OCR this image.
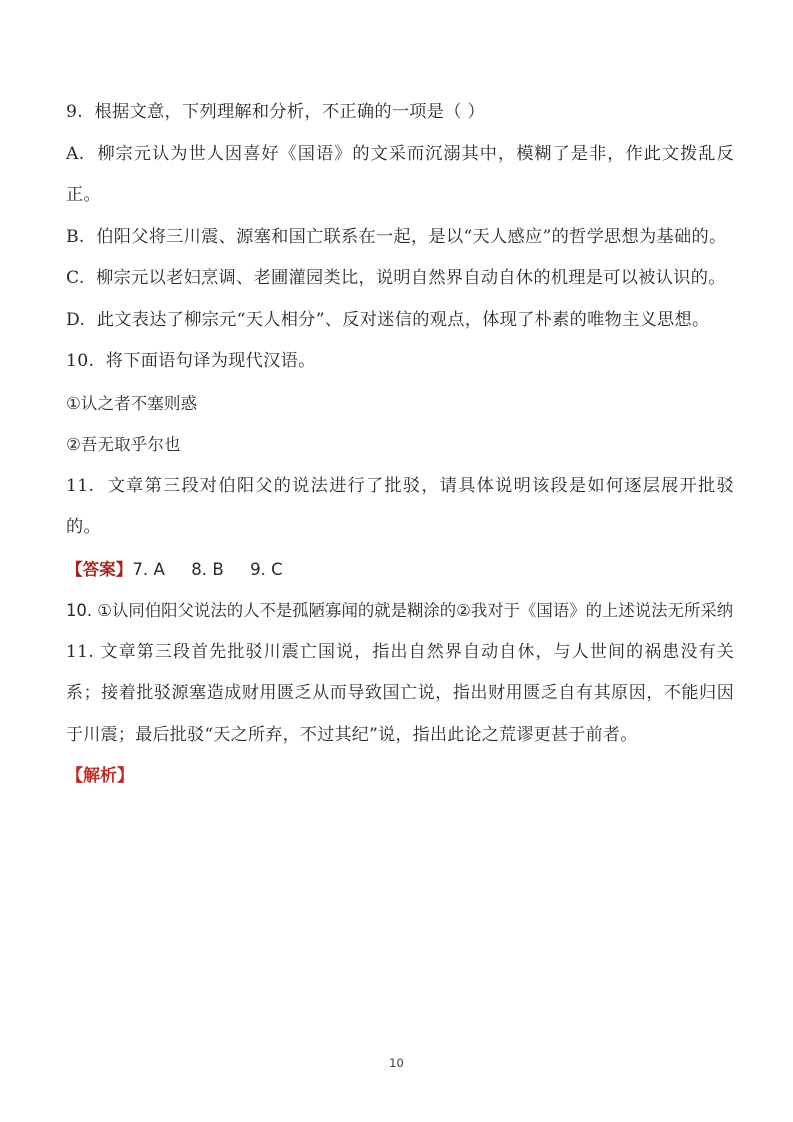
9.  根据文意，下列理解和分析，不正确的一项是（ ）

A.  柳宗元认为世人因喜好《国语》的文采而沉溺其中，模糊了是非，作此文拨乱反正。

B.  伯阳父将三川震、源塞和国亡联系在一起，是以“天人感应”的哲学思想为基础的。

C.  柳宗元以老妇烹调、老圃灌园类比，说明自然界自动自休的机理是可以被认识的。

D.  此文表达了柳宗元“天人相分”、反对迷信的观点，体现了朴素的唯物主义思想。

10.  将下面语句译为现代汉语。

①认之者不塞则惑

②吾无取乎尔也

11.  文章第三段对伯阳父的说法进行了批驳，请具体说明该段是如何逐层展开批驳的。

【答案】7. A     8. B     9. C

10. ①认同伯阳父说法的人不是孤陋寡闻的就是糊涂的②我对于《国语》的上述说法无所采纳

11. 文章第三段首先批驳川震亡国说，指出自然界自动自休，与人世间的祸患没有关系；接着批驳源塞造成财用匮乏从而导致国亡说，指出财用匮乏自有其原因，不能归因于川震；最后批驳“天之所弃，不过其纪”说，指出此论之荒谬更甚于前者。

【解析】

10
